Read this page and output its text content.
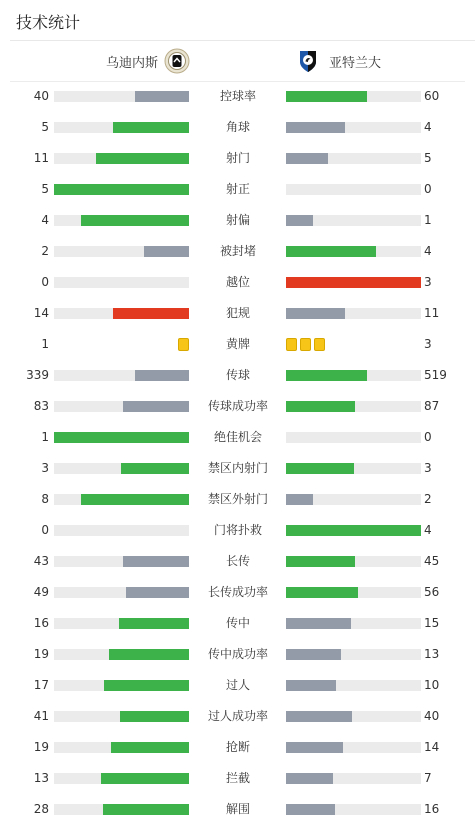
技术统计
乌迪内斯	亚特兰大
40	控球率	60
5	角球	4
11	射门	5
5	射正	0
4	射偏	1
2	被封堵	4
0	越位	3
14	犯规	11
1	黄牌	3
339	传球	519
83	传球成功率	87
1	绝佳机会	0
3	禁区内射门	3
8	禁区外射门	2
0	门将扑救	4
43	长传	45
49	长传成功率	56
16	传中	15
19	传中成功率	13
17	过人	10
41	过人成功率	40
19	抢断	14
13	拦截	7
28	解围	16
